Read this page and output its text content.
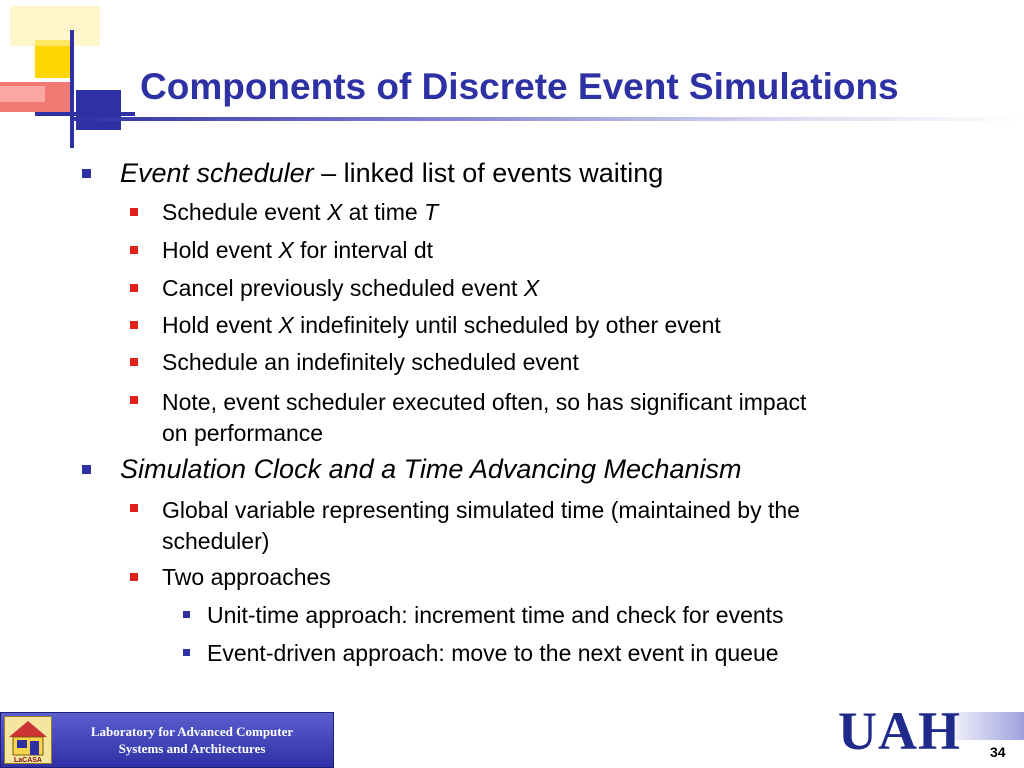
Components of Discrete Event Simulations
Event scheduler – linked list of events waiting
Schedule event X at time T
Hold event X for interval dt
Cancel previously scheduled event X
Hold event X indefinitely until scheduled by other event
Schedule an indefinitely scheduled event
Note, event scheduler executed often, so has significant impact
on performance
Simulation Clock and a Time Advancing Mechanism
Global variable representing simulated time (maintained by the
scheduler)
Two approaches
Unit-time approach: increment time and check for events
Event-driven approach: move to the next event in queue
LaCASA
Laboratory for Advanced Computer
Systems and Architectures	UAH 34
